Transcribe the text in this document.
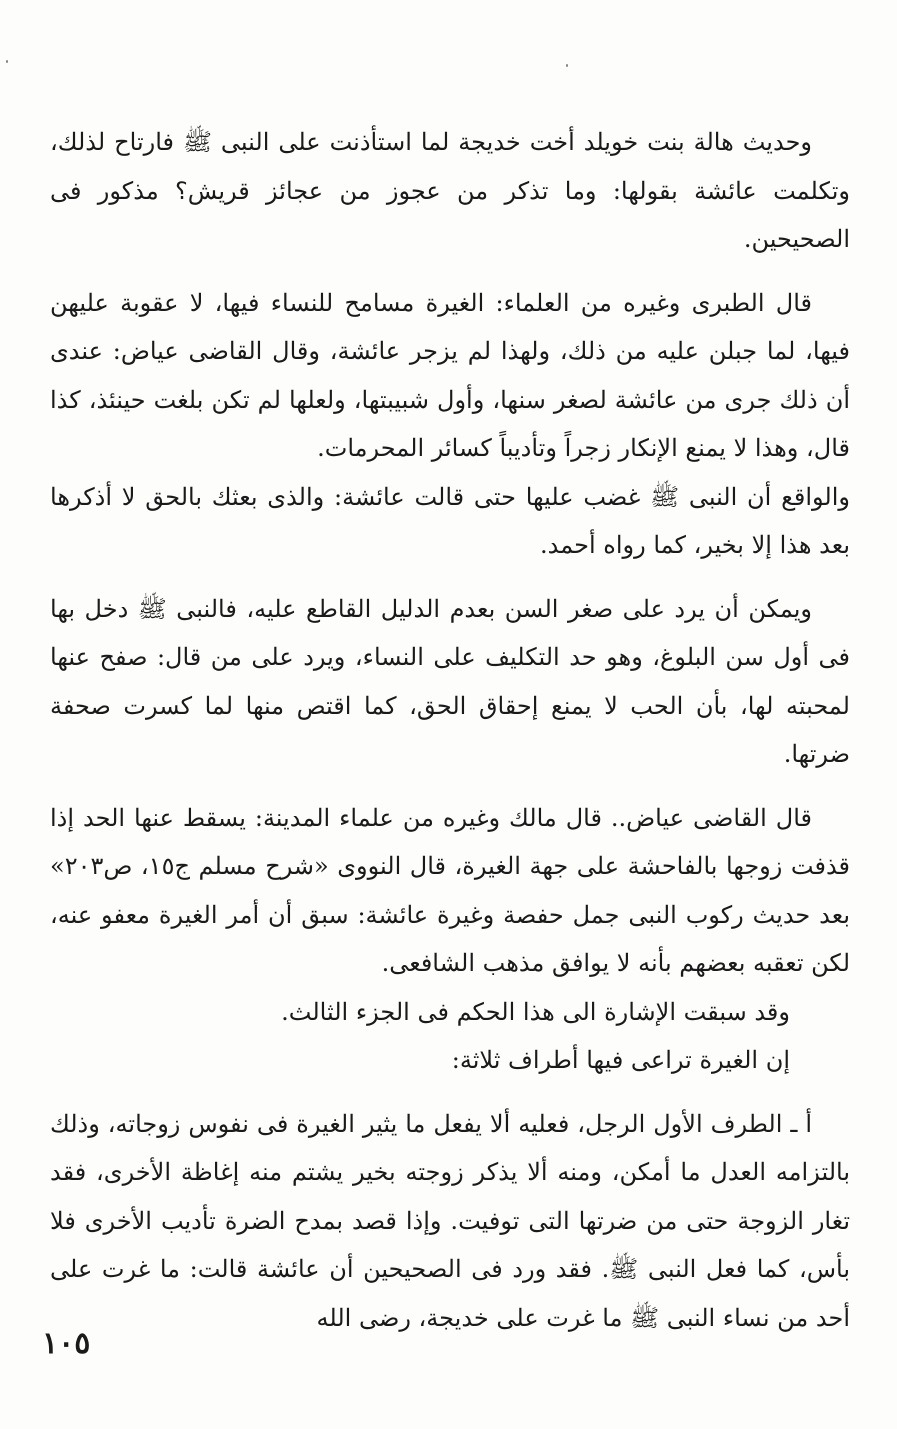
وحديث هالة بنت خويلد أخت خديجة لما استأذنت على النبى ﷺ فارتاح لذلك، وتكلمت عائشة بقولها: وما تذكر من عجوز من عجائز قريش؟ مذكور فى الصحيحين.

قال الطبرى وغيره من العلماء: الغيرة مسامح للنساء فيها، لا عقوبة عليهن فيها، لما جبلن عليه من ذلك، ولهذا لم يزجر عائشة، وقال القاضى عياض: عندى أن ذلك جرى من عائشة لصغر سنها، وأول شبيبتها، ولعلها لم تكن بلغت حينئذ، كذا قال، وهذا لا يمنع الإنكار زجراً وتأديباً كسائر المحرمات.

والواقع أن النبى ﷺ غضب عليها حتى قالت عائشة: والذى بعثك بالحق لا أذكرها بعد هذا إلا بخير، كما رواه أحمد.

ويمكن أن يرد على صغر السن بعدم الدليل القاطع عليه، فالنبى ﷺ دخل بها فى أول سن البلوغ، وهو حد التكليف على النساء، ويرد على من قال: صفح عنها لمحبته لها، بأن الحب لا يمنع إحقاق الحق، كما اقتص منها لما كسرت صحفة ضرتها.

قال القاضى عياض.. قال مالك وغيره من علماء المدينة: يسقط عنها الحد إذا قذفت زوجها بالفاحشة على جهة الغيرة، قال النووى «شرح مسلم ج١٥، ص٢٠٣» بعد حديث ركوب النبى جمل حفصة وغيرة عائشة: سبق أن أمر الغيرة معفو عنه، لكن تعقبه بعضهم بأنه لا يوافق مذهب الشافعى.

وقد سبقت الإشارة الى هذا الحكم فى الجزء الثالث.

إن الغيرة تراعى فيها أطراف ثلاثة:

أ ـ الطرف الأول الرجل، فعليه ألا يفعل ما يثير الغيرة فى نفوس زوجاته، وذلك بالتزامه العدل ما أمكن، ومنه ألا يذكر زوجته بخير يشتم منه إغاظة الأخرى، فقد تغار الزوجة حتى من ضرتها التى توفيت. وإذا قصد بمدح الضرة تأديب الأخرى فلا بأس، كما فعل النبى ﷺ. فقد ورد فى الصحيحين أن عائشة قالت: ما غرت على أحد من نساء النبى ﷺ ما غرت على خديجة، رضى الله

١٠٥
